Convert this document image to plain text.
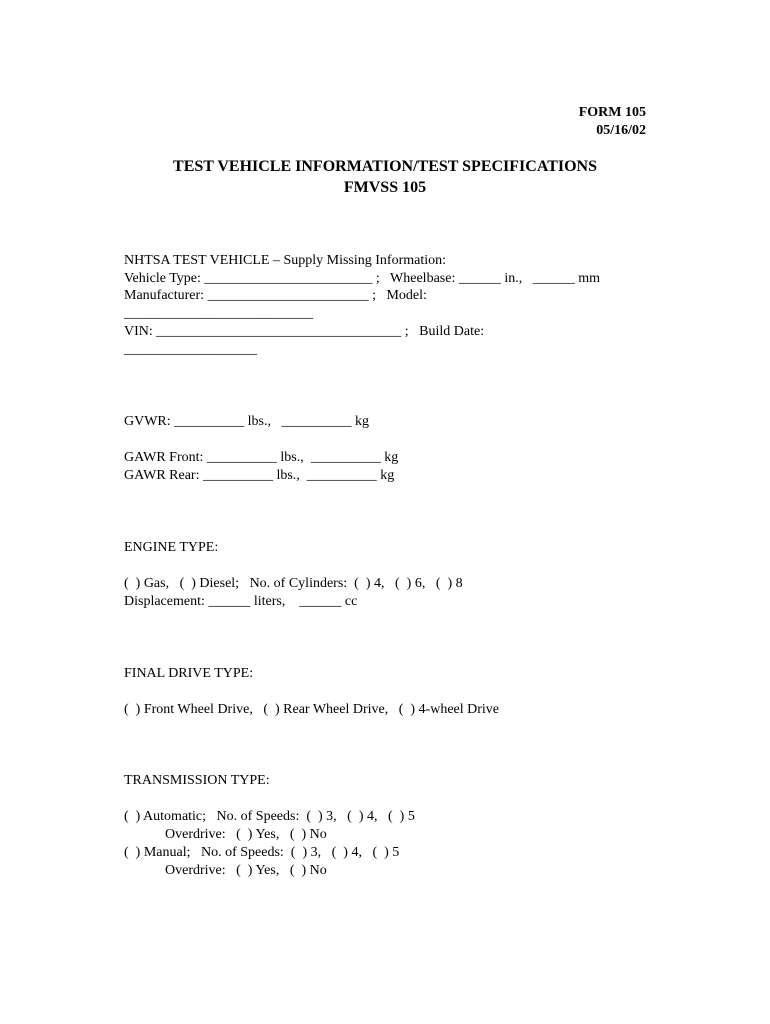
FORM 105
05/16/02
TEST VEHICLE INFORMATION/TEST SPECIFICATIONS
FMVSS 105
NHTSA TEST VEHICLE – Supply Missing Information:
Vehicle Type: ________________________ ;   Wheelbase: ______ in.,   ______ mm
Manufacturer: _______________________ ;   Model:
___________________________
VIN: ___________________________________ ;   Build Date:
___________________
GVWR: __________ lbs.,   __________ kg
GAWR Front: __________ lbs.,  __________ kg
GAWR Rear: __________ lbs.,  __________ kg
ENGINE TYPE:
(  ) Gas,   (  ) Diesel;   No. of Cylinders:  (  ) 4,   (  ) 6,   (  ) 8
Displacement: ______ liters,    ______ cc
FINAL DRIVE TYPE:
(  ) Front Wheel Drive,   (  ) Rear Wheel Drive,   (  ) 4-wheel Drive
TRANSMISSION TYPE:
(  ) Automatic;   No. of Speeds:  (  ) 3,   (  ) 4,   (  ) 5
Overdrive:   (  ) Yes,   (  ) No
(  ) Manual;   No. of Speeds:  (  ) 3,   (  ) 4,   (  ) 5
Overdrive:   (  ) Yes,   (  ) No
